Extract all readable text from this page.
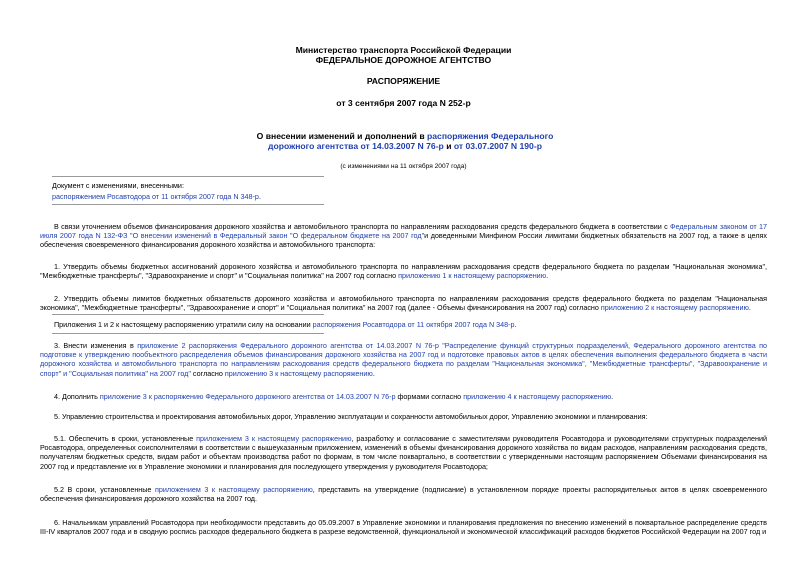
Министерство транспорта Российской Федерации
ФЕДЕРАЛЬНОЕ ДОРОЖНОЕ АГЕНТСТВО
РАСПОРЯЖЕНИЕ
от 3 сентября 2007 года N 252-р
О внесении изменений и дополнений в распоряжения Федерального дорожного агентства от 14.03.2007 N 76-р и от 03.07.2007 N 190-р
(с изменениями на 11 октября 2007 года)
Документ с изменениями, внесенными:
распоряжением Росавтодора от 11 октября 2007 года N 348-р.
В связи уточнением объемов финансирования дорожного хозяйства и автомобильного транспорта по направлениям расходования средств федерального бюджета в соответствии с Федеральным законом от 17 июля 2007 года N 132-ФЗ "О внесении изменений в Федеральный закон "О федеральном бюджете на 2007 год"и доведенными Минфином России лимитами бюджетных обязательств на 2007 год, а также в целях обеспечения своевременного финансирования дорожного хозяйства и автомобильного транспорта:
1. Утвердить объемы бюджетных ассигнований дорожного хозяйства и автомобильного транспорта по направлениям расходования средств федерального бюджета по разделам "Национальная экономика", "Межбюджетные трансферты", "Здравоохранение и спорт" и "Социальная политика" на 2007 год согласно приложению 1 к настоящему распоряжению.
2. Утвердить объемы лимитов бюджетных обязательств дорожного хозяйства и автомобильного транспорта по направлениям расходования средств федерального бюджета по разделам "Национальная экономика", "Межбюджетные трансферты", "Здравоохранение и спорт" и "Социальная политика" на 2007 год (далее - Объемы финансирования на 2007 год) согласно приложению 2 к настоящему распоряжению.
Приложения 1 и 2 к настоящему распоряжению утратили силу на основании распоряжения Росавтодора от 11 октября 2007 года N 348-р.
3. Внести изменения в приложение 2 распоряжения Федерального дорожного агентства от 14.03.2007 N 76-р "Распределение функций структурных подразделений, Федерального дорожного агентства по подготовке к утверждению пообъектного распределения объемов финансирования дорожного хозяйства на 2007 год и подготовке правовых актов в целях обеспечения выполнения федерального бюджета в части дорожного хозяйства и автомобильного транспорта по направлениям расходования средств федерального бюджета по разделам "Национальная экономика", "Межбюджетные трансферты", "Здравоохранение и спорт" и "Социальная политика" на 2007 год" согласно приложению 3 к настоящему распоряжению.
4. Дополнить приложение 3 к распоряжению Федерального дорожного агентства от 14.03.2007 N 76-р формами согласно приложению 4 к настоящему распоряжению.
5. Управлению строительства и проектирования автомобильных дорог, Управлению эксплуатации и сохранности автомобильных дорог, Управлению экономики и планирования:
5.1. Обеспечить в сроки, установленные приложением 3 к настоящему распоряжению, разработку и согласование с заместителями руководителя Росавтодора и руководителями структурных подразделений Росавтодора, определенных соисполнителями в соответствии с вышеуказанным приложением, изменений в объемы финансирования дорожного хозяйства по видам расходов, направлениям расходования средств, получателям бюджетных средств, видам работ и объектам производства работ по формам, в том числе поквартально, в соответствии с утвержденными настоящим распоряжением Объемами финансирования на 2007 год и представление их в Управление экономики и планирования для последующего утверждения у руководителя Росавтодора;
5.2 В сроки, установленные приложением 3 к настоящему распоряжению, представить на утверждение (подписание) в установленном порядке проекты распорядительных актов в целях своевременного обеспечения финансирования дорожного хозяйства на 2007 год.
6. Начальникам управлений Росавтодора при необходимости представить до 05.09.2007 в Управление экономики и планирования предложения по внесению изменений в поквартальное распределение средств III-IV кварталов 2007 года и в сводную роспись расходов федерального бюджета в разрезе ведомственной, функциональной и экономической классификаций расходов бюджетов Российской Федерации на 2007 год и
